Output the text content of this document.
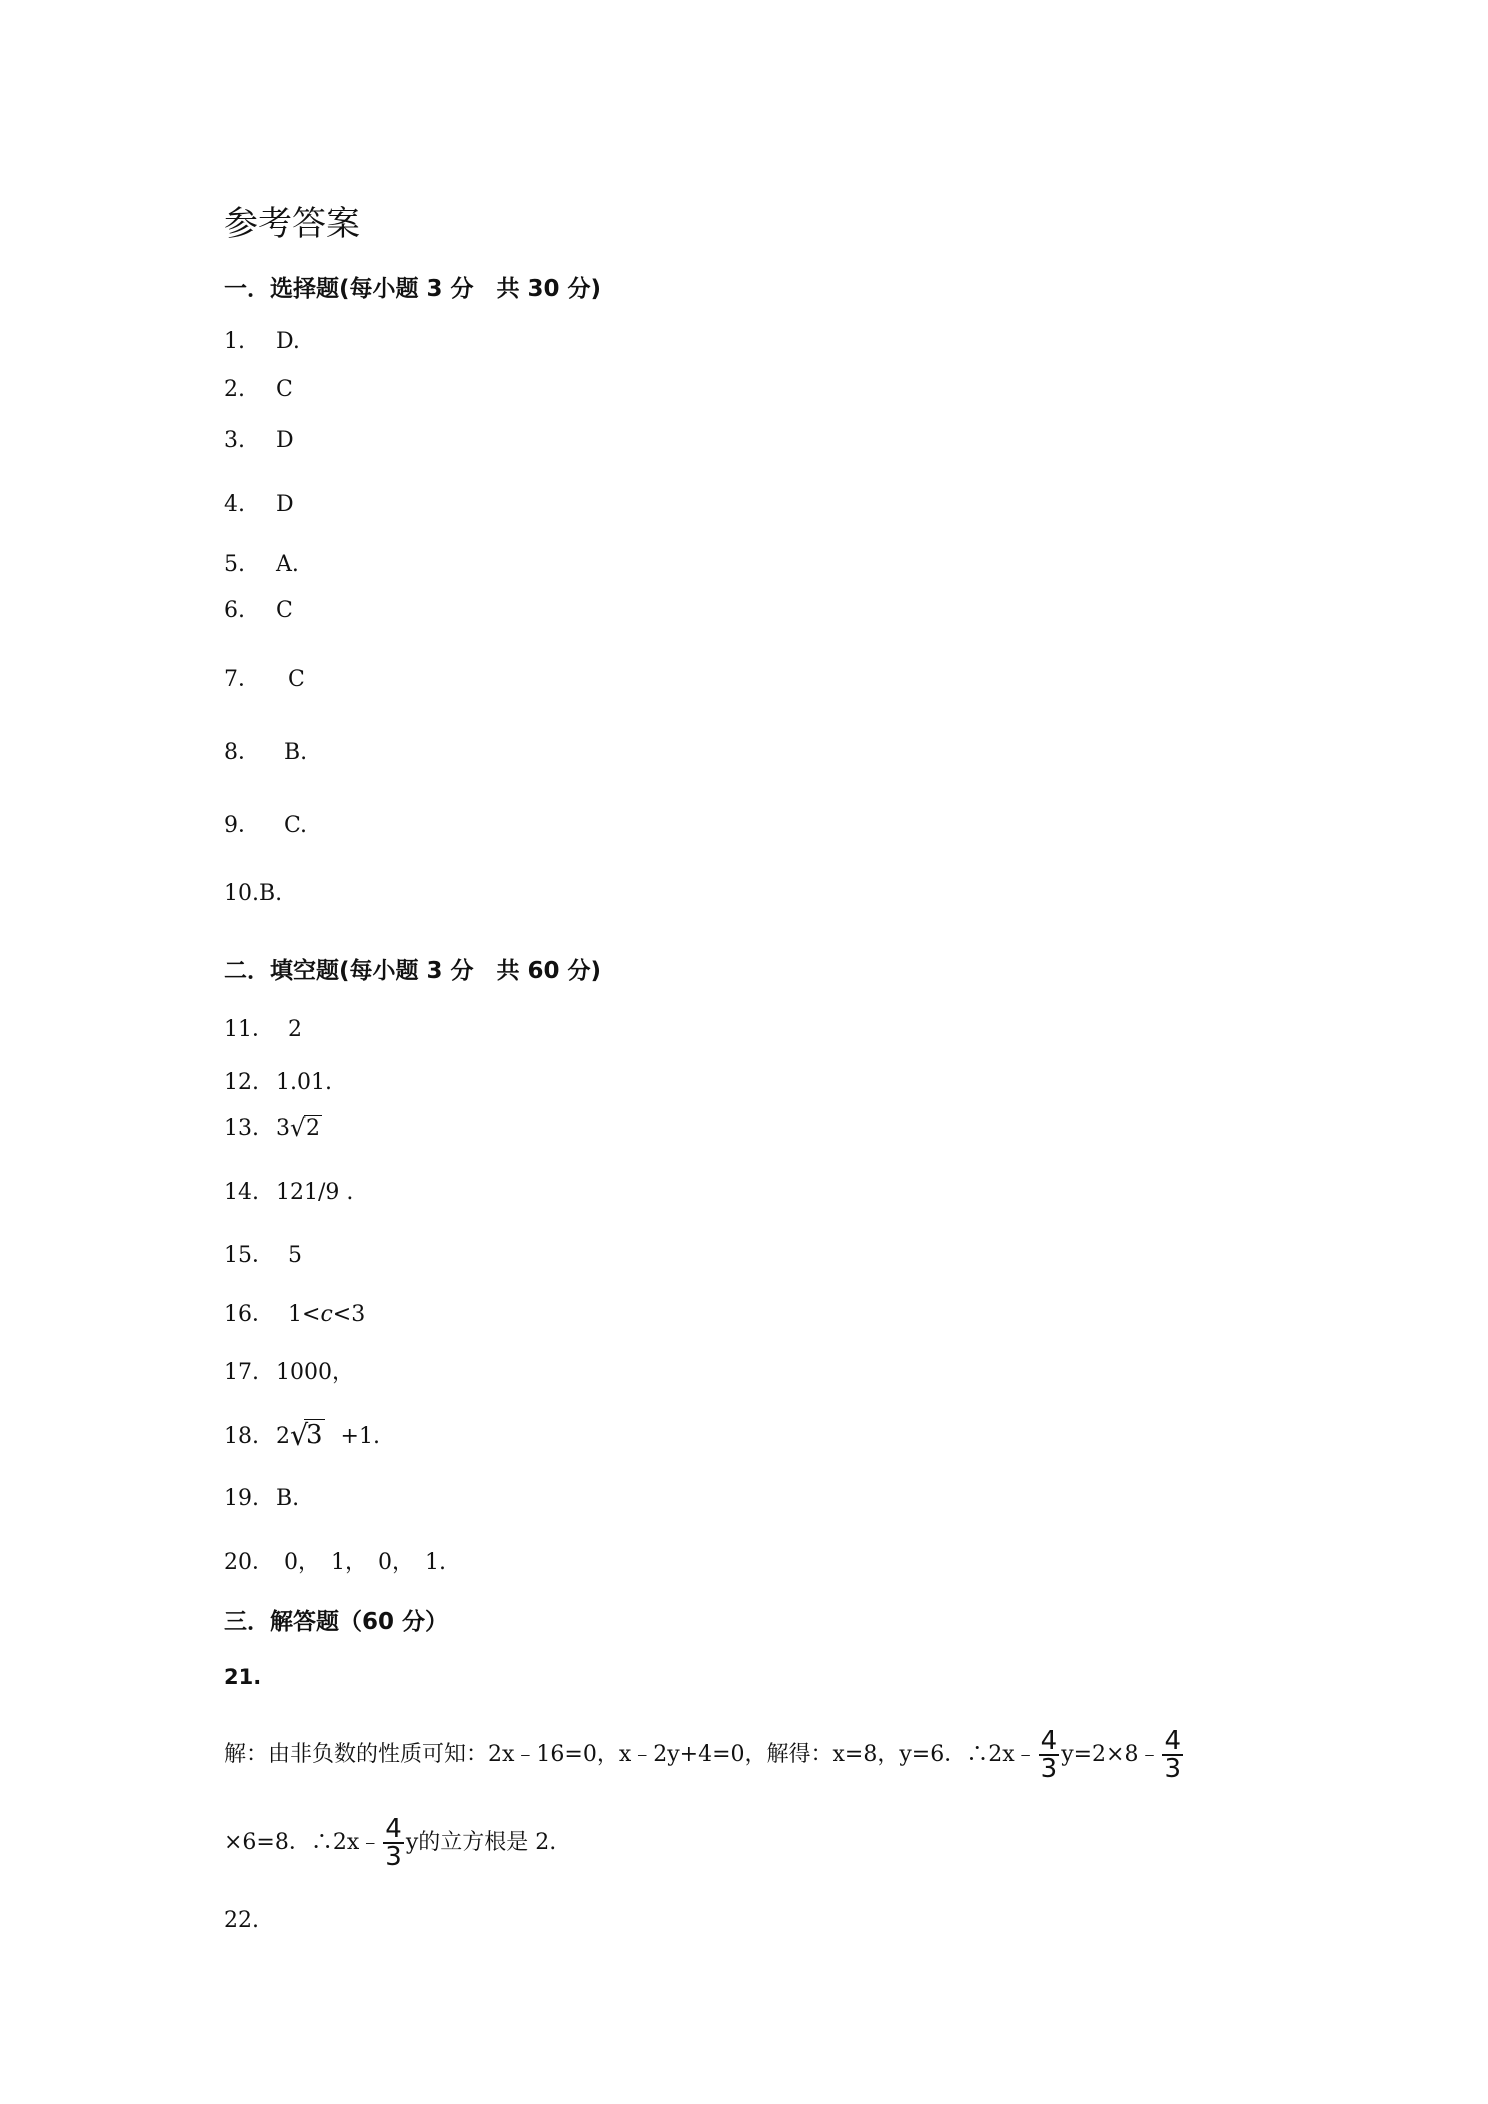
参考答案
一．选择题(每小题 3 分　共 30 分)
1. D.
2. C
3. D
4. D
5. A.
6. C
7． C
8． B.
9． C.
10.B.
二．填空题(每小题 3 分　共 60 分)
11． 2
12. 1.01.
13. 3 √ 2
14. 121/9 .
15． 5
16． 1<c<3
17. 1000，
18. 2 √
3 +1.
19. B.
20． 0，　1，　0，　1.
三．解答题（60 分）
21.
解：由非负数的性质可知：2x﹣16=0，x﹣2y+4=0，解得：x=8，y=6．∴2x﹣ $\frac{4}{3}$ y=2×8﹣ $\frac{4}{3}$
×6=8．∴2x﹣ $\frac{4}{3}$ y的立方根是 2.
22.
